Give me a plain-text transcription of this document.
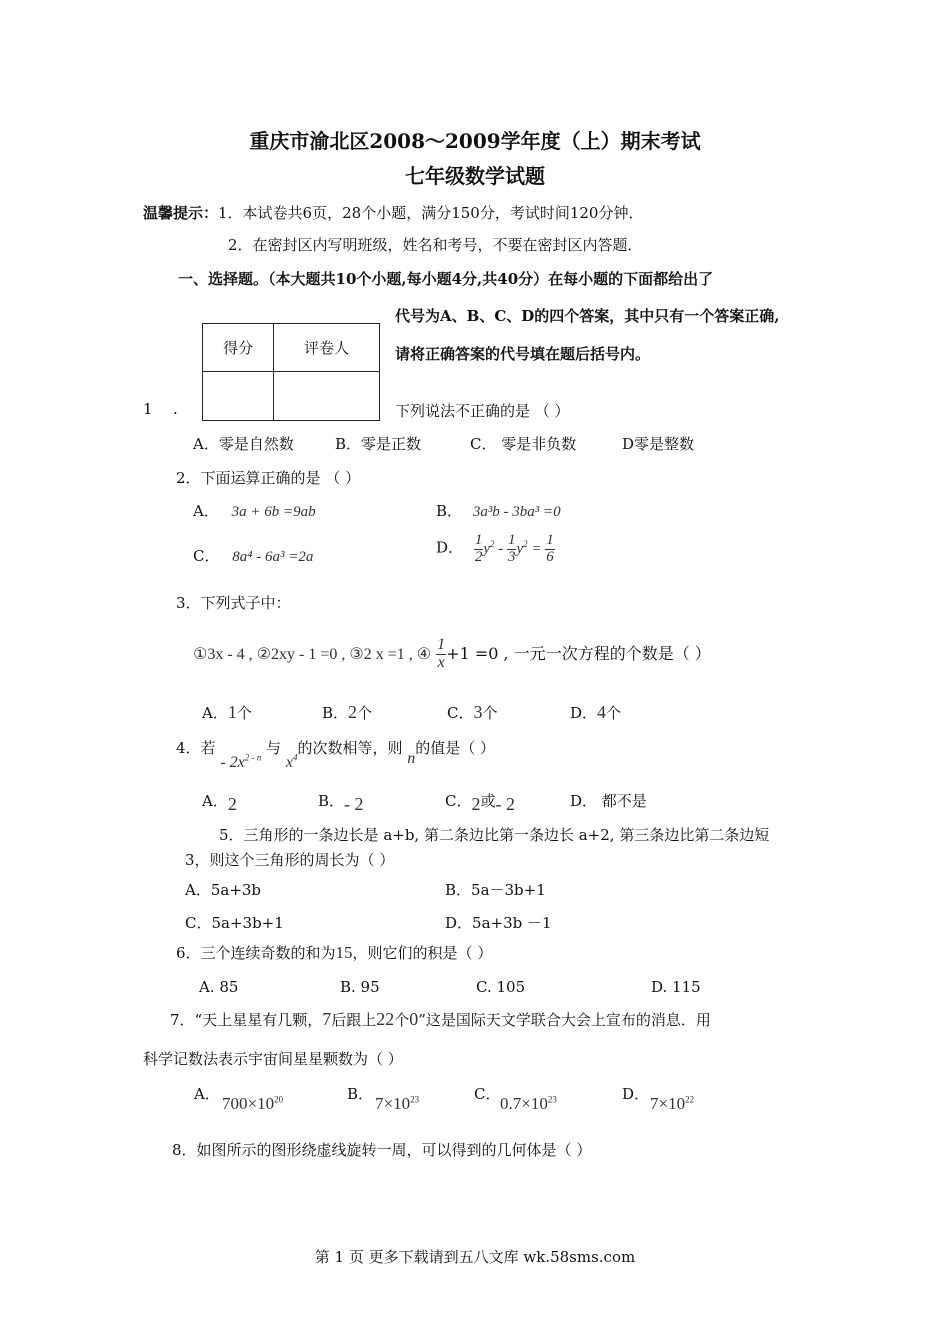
重庆市渝北区2008～2009学年度（上）期末考试
七年级数学试题
温馨提示：1．本试卷共6页，28个小题，满分150分，考试时间120分钟．
2．在密封区内写明班级，姓名和考号，不要在密封区内答题．
一、选择题。（本大题共10个小题,每小题4分,共40分）在每小题的下面都给出了
代号为A、B、C、D的四个答案，其中只有一个答案正确,
请将正确答案的代号填在题后括号内。
得分	评卷人

1 .	下列说法不正确的是 （ ）
A．零是自然数	B．零是正数	C． 零是非负数	D零是整数
2．下面运算正确的是 （ ）
A． 3a + 6b =9ab	B． 3a³b - 3ba³ =0
C． 8a⁴ - 6a³ =2a
D． $\frac{1}{2} y^2 - \frac{1}{3} y^2 = \frac{1}{6}$
3．下列式子中：
①3x - 4 , ②2xy - 1 =0 , ③2 x =1 , ④ $\frac{1}{x} +1 =0$ , 一元一次方程的个数是（ ）
A．1个	B．2个	C．3个	D．4个
4．若 - $2x^{2 - n}$ 与 $x^4$的次数相等，则 n的值是（ ）
A．2	B．- 2	C．2或- 2	D． 都不是
5．三角形的一条边长是 a+b, 第二条边比第一条边长 a+2, 第三条边比第二条边短
3，则这个三角形的周长为（ ）
A．5a+3b	B．5a－3b+1
C．5a+3b+1	D．5a+3b －1
6．三个连续奇数的和为15，则它们的积是（ ）
A. 85	B. 95	C. 105	D. 115
7．“天上星星有几颗，7后跟上22个0”这是国际天文学联合大会上宣布的消息．用
科学记数法表示宇宙间星星颗数为（ ）
A． $700\times 10^{20}$	B． $7\times 10^{23}$	C． $0.7\times 10^{23}$	D． $7\times 10^{22}$
8．如图所示的图形绕虚线旋转一周，可以得到的几何体是（ ）
第 1 页 更多下载请到五八文库 wk.58sms.com
